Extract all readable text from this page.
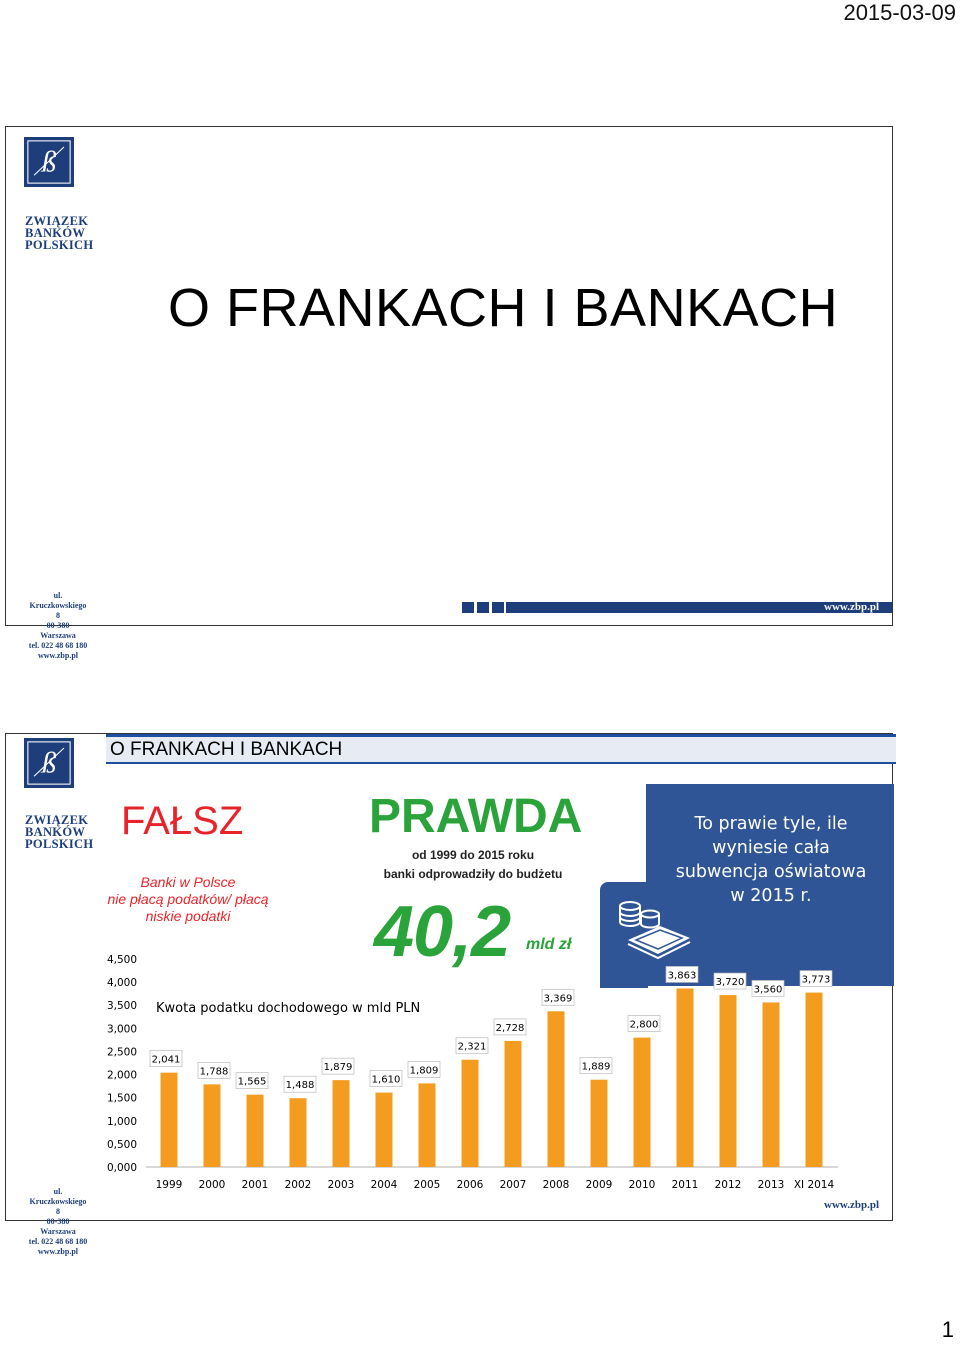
2015-03-09
ß
ZWIĄZEK
BANKÓW
POLSKICH
O FRANKACH I BANKACH
ul. Kruczkowskiego 8
00-380 Warszawa
tel. 022 48 68 180
www.zbp.pl
www.zbp.pl
O FRANKACH I BANKACH
ß
ZWIĄZEK
BANKÓW
POLSKICH
To prawie tyle, ile
wyniesie cała
subwencja oświatowa
w 2015 r.
FAŁSZ
Banki w Polsce
nie płacą podatków/ płacą
niskie podatki
PRAWDA
od 1999 do 2015 roku
banki odprowadziły do budżetu
40,2 mld zł
0,000
0,500
1,000
1,500
2,000
2,500
3,000
3,500
4,000
4,500
2,041
1999
1,788
2000
1,565
2001
1,488
2002
1,879
2003
1,610
2004
1,809
2005
2,321
2006
2,728
2007
3,369
2008
1,889
2009
2,800
2010
3,863
2011
3,720
2012
3,560
2013
3,773
XI 2014
Kwota podatku dochodowego w mld PLN
ul. Kruczkowskiego 8
00-380 Warszawa
tel. 022 48 68 180
www.zbp.pl
www.zbp.pl
1
